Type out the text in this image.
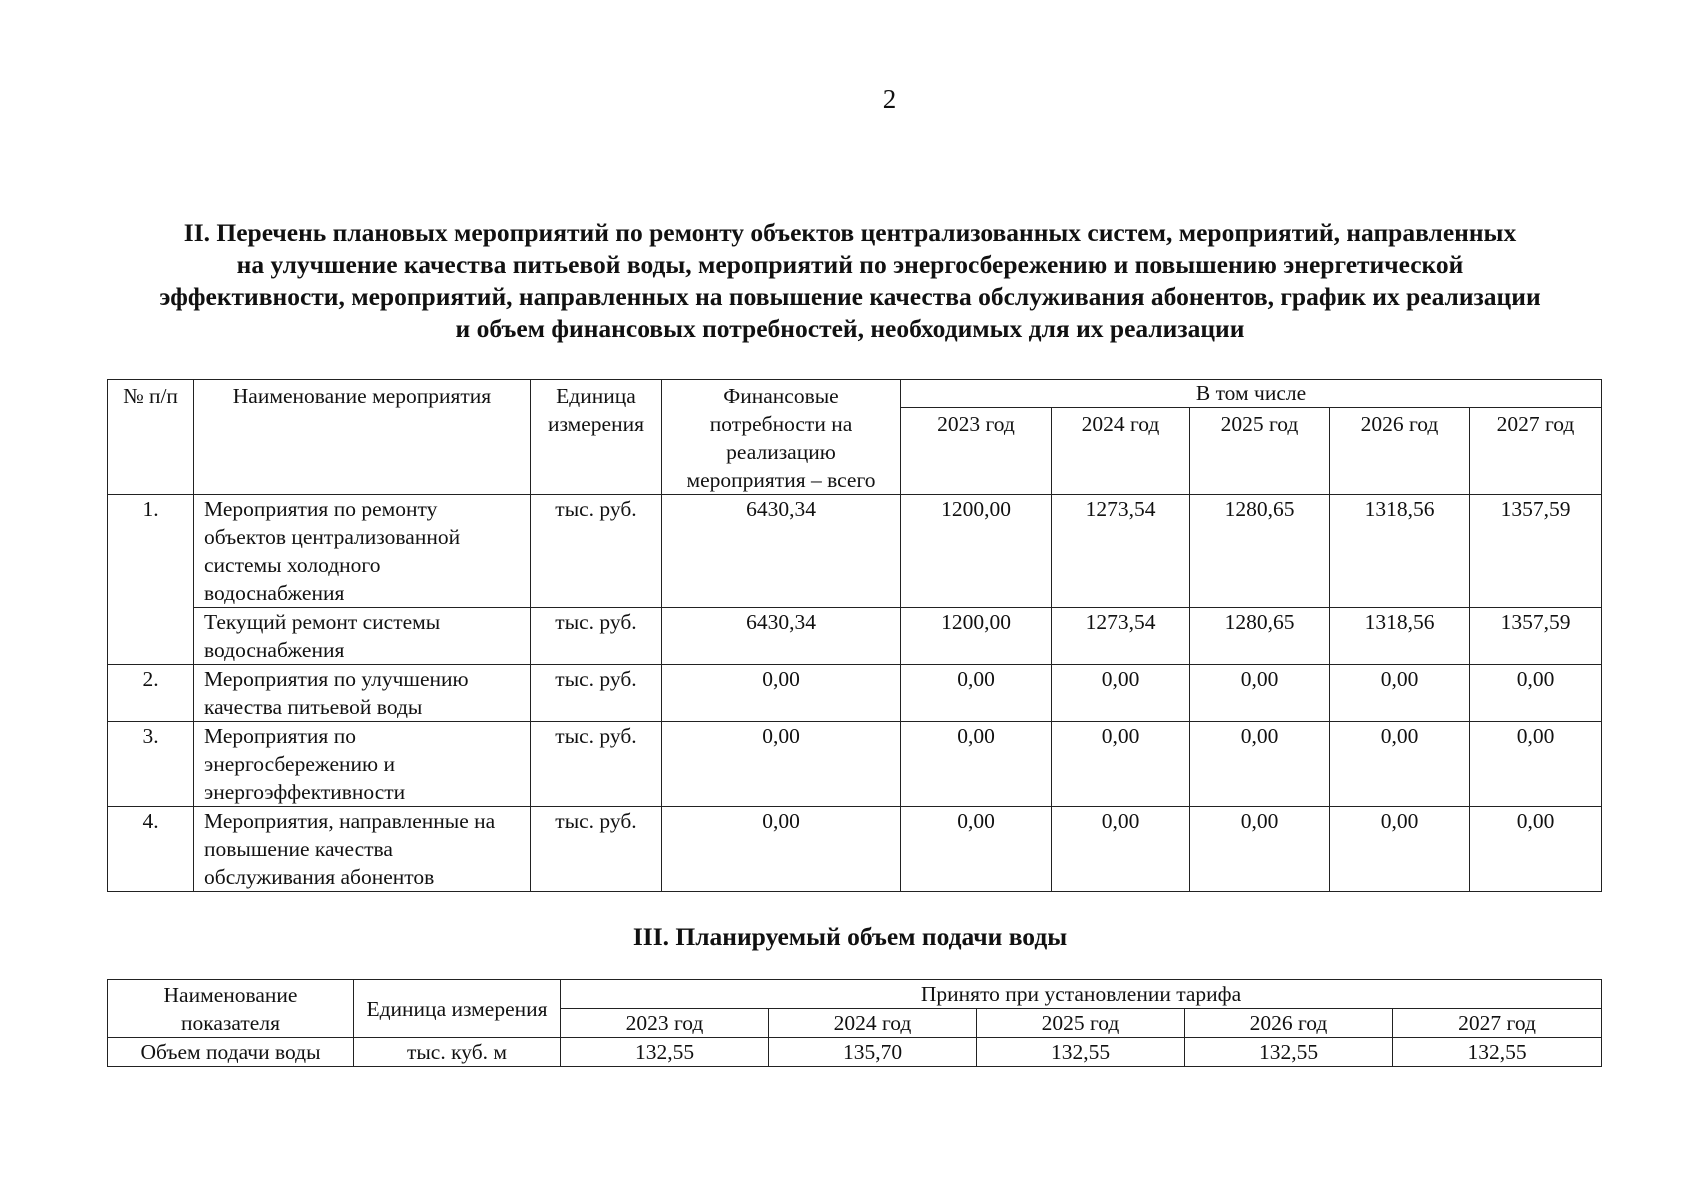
2
II. Перечень плановых мероприятий по ремонту объектов централизованных систем, мероприятий, направленных
на улучшение качества питьевой воды, мероприятий по энергосбережению и повышению энергетической
эффективности, мероприятий, направленных на повышение качества обслуживания абонентов, график их реализации
и объем финансовых потребностей, необходимых для их реализации
№ п/п	Наименование мероприятия	Единица измерения	Финансовые потребности на реализацию мероприятия – всего	В том числе				
				2023 год	2024 год	2025 год	2026 год	2027 год
1.	Мероприятия по ремонту объектов централизованной системы холодного водоснабжения	тыс. руб.	6430,34	1200,00	1273,54	1280,65	1318,56	1357,59
	Текущий ремонт системы водоснабжения	тыс. руб.	6430,34	1200,00	1273,54	1280,65	1318,56	1357,59
2.	Мероприятия по улучшению качества питьевой воды	тыс. руб.	0,00	0,00	0,00	0,00	0,00	0,00
3.	Мероприятия по энергосбережению и энергоэффективности	тыс. руб.	0,00	0,00	0,00	0,00	0,00	0,00
4.	Мероприятия, направленные на повышение качества обслуживания абонентов	тыс. руб.	0,00	0,00	0,00	0,00	0,00	0,00
III. Планируемый объем подачи воды
Наименование показателя	Единица измерения	Принято при установлении тарифа				
		2023 год	2024 год	2025 год	2026 год	2027 год
Объем подачи воды	тыс. куб. м	132,55	135,70	132,55	132,55	132,55
